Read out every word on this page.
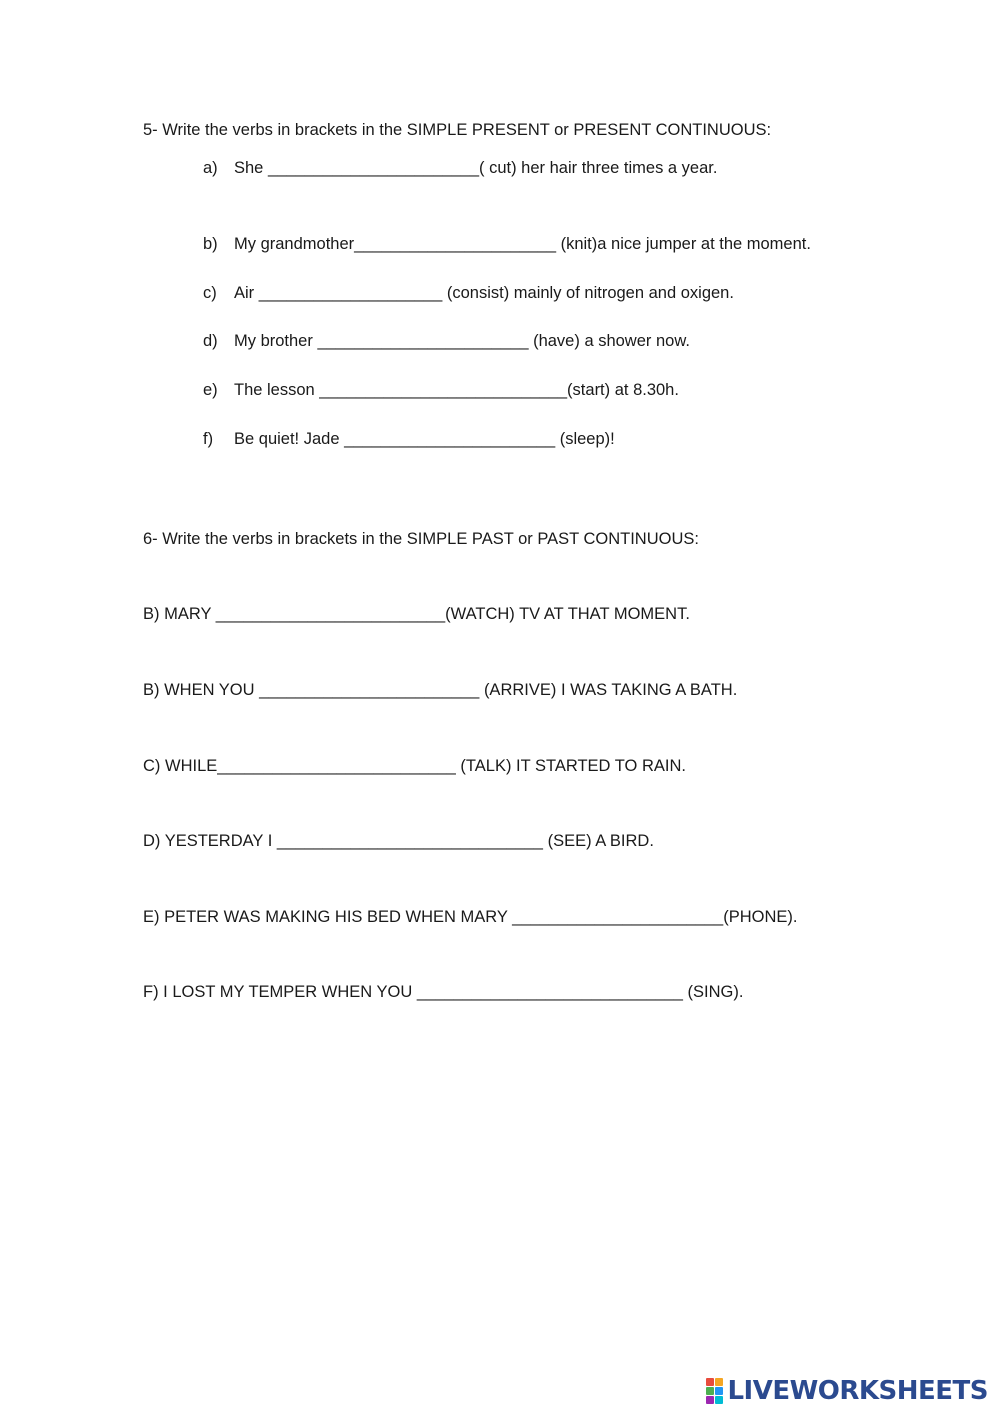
5- Write the verbs in brackets in the SIMPLE PRESENT or PRESENT CONTINUOUS:
a) She _______________________( cut) her hair three times a year.
b) My grandmother______________________ (knit)a nice jumper at the moment.
c) Air ____________________ (consist) mainly of nitrogen and oxigen.
d) My brother _______________________ (have) a shower now.
e) The lesson ___________________________(start) at 8.30h.
f) Be quiet! Jade _______________________ (sleep)!
6- Write the verbs in brackets in the SIMPLE PAST or PAST CONTINUOUS:
B) MARY _________________________(WATCH) TV AT THAT MOMENT.
B) WHEN YOU ________________________ (ARRIVE) I WAS TAKING A BATH.
C) WHILE__________________________ (TALK) IT STARTED TO RAIN.
D) YESTERDAY I _____________________________ (SEE) A BIRD.
E) PETER WAS MAKING HIS BED WHEN MARY _______________________(PHONE).
F) I LOST MY TEMPER WHEN YOU _____________________________ (SING).
LIVEWORKSHEETS
